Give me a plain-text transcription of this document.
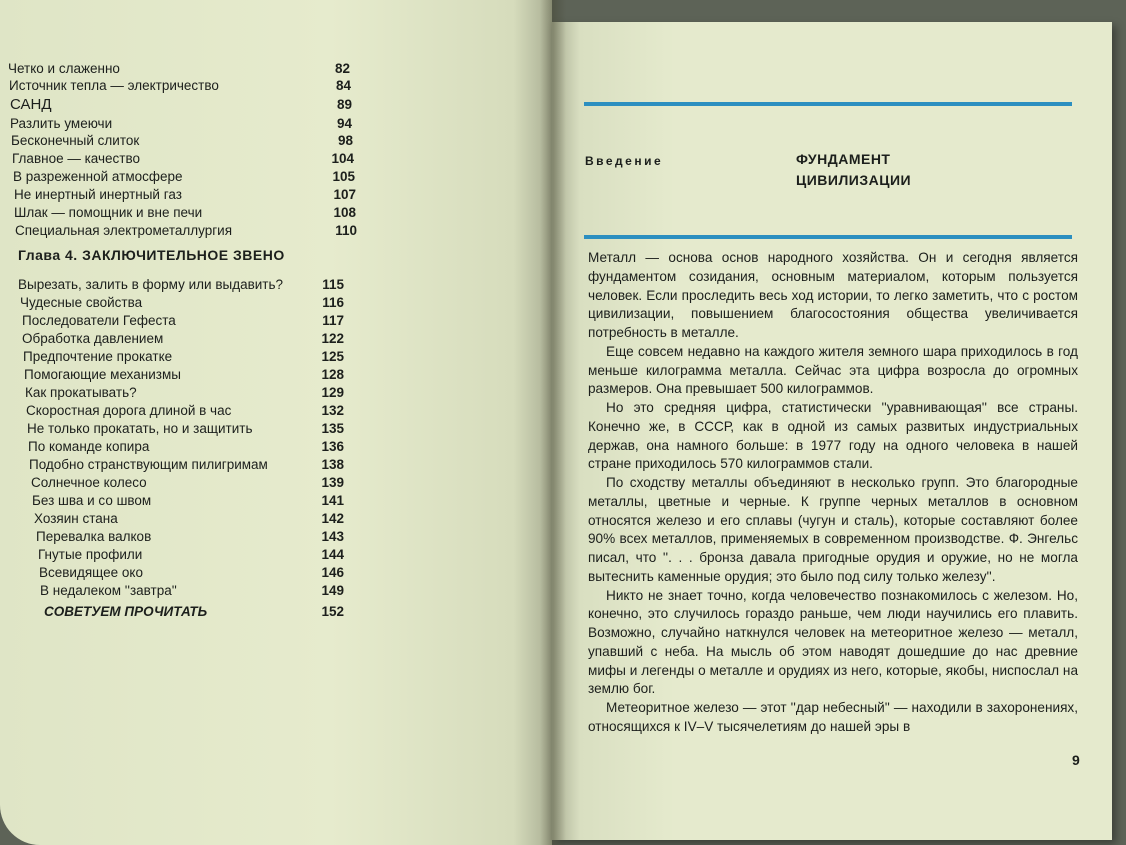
Четко и слаженно	82
Источник тепла — электричество	84
САНД	89
Разлить умеючи	94
Бесконечный слиток	98
Главное — качество	104
В разреженной атмосфере	105
Не инертный инертный газ	107
Шлак — помощник и вне печи	108
Специальная электрометаллургия	110
Глава 4. ЗАКЛЮЧИТЕЛЬНОЕ ЗВЕНО
Вырезать, залить в форму или выдавить?	115
Чудесные свойства	116
Последователи Гефеста	117
Обработка давлением	122
Предпочтение прокатке	125
Помогающие механизмы	128
Как прокатывать?	129
Скоростная дорога длиной в час	132
Не только прокатать, но и защитить	135
По команде копира	136
Подобно странствующим пилигримам	138
Солнечное колесо	139
Без шва и со швом	141
Хозяин стана	142
Перевалка валков	143
Гнутые профили	144
Всевидящее око	146
В недалеком ''завтра''	149
СОВЕТУЕМ ПРОЧИТАТЬ	152
Введение	ФУНДАМЕНТ
ЦИВИЛИЗАЦИИ

Металл — основа основ народного хозяйства. Он и сегодня является фундаментом созидания, основным материалом, которым пользуется человек. Если проследить весь ход истории, то легко заметить, что с ростом цивилизации, повышением благосостояния общества увеличивается потребность в металле.

Еще совсем недавно на каждого жителя земного шара приходилось в год меньше килограмма металла. Сейчас эта цифра возросла до огромных размеров. Она превышает 500 килограммов.

Но это средняя цифра, статистически ''уравнивающая'' все страны. Конечно же, в СССР, как в одной из самых развитых индустриальных держав, она намного больше: в 1977 году на одного человека в нашей стране приходилось 570 килограммов стали.

По сходству металлы объединяют в несколько групп. Это благородные металлы, цветные и черные. К группе черных металлов в основном относятся железо и его сплавы (чугун и сталь), которые составляют более 90% всех металлов, применяемых в современном производстве. Ф. Энгельс писал, что ''. . . бронза давала пригодные орудия и оружие, но не могла вытеснить каменные орудия; это было под силу только железу''.

Никто не знает точно, когда человечество познакомилось с железом. Но, конечно, это случилось гораздо раньше, чем люди научились его плавить. Возможно, случайно наткнулся человек на метеоритное железо — металл, упавший с неба. На мысль об этом наводят дошедшие до нас древние мифы и легенды о металле и орудиях из него, которые, якобы, ниспослал на землю бог.

Метеоритное железо — этот ''дар небесный'' — находили в захоронениях, относящихся к IV–V тысячелетиям до нашей эры в

9
